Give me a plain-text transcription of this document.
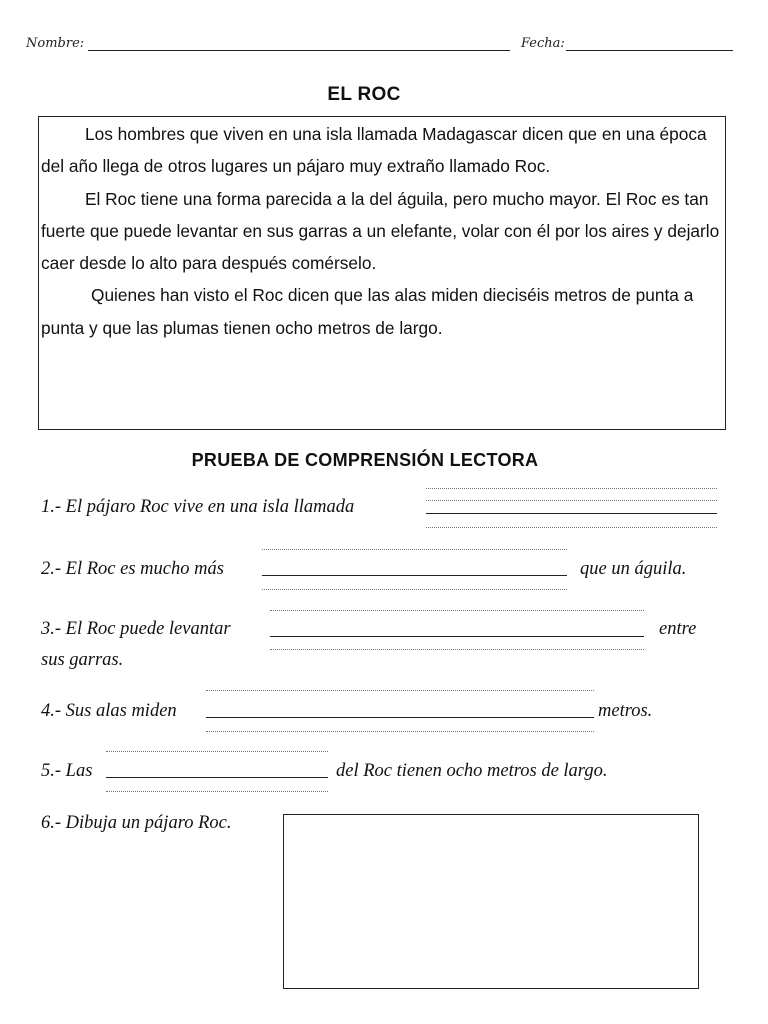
Nombre:	Fecha:
EL ROC

Los hombres que viven en una isla llamada Madagascar dicen que en una época del año llega de otros lugares un pájaro muy extraño llamado Roc.

El Roc tiene una forma parecida a la del águila, pero mucho mayor. El Roc es tan fuerte que puede levantar en sus garras a un elefante, volar con él por los aires y dejarlo caer desde lo alto para después comérselo.

Quienes han visto el Roc dicen que las alas miden dieciséis metros de punta a punta y que las plumas tienen ocho metros de largo.

PRUEBA DE COMPRENSIÓN LECTORA
1.- El pájaro Roc vive en una isla llamada
2.- El Roc es mucho más	que un águila.
3.- El Roc puede levantar	entre
sus garras.
4.- Sus alas miden	metros.
5.- Las	del Roc tienen ocho metros de largo.
6.- Dibuja un pájaro Roc.
